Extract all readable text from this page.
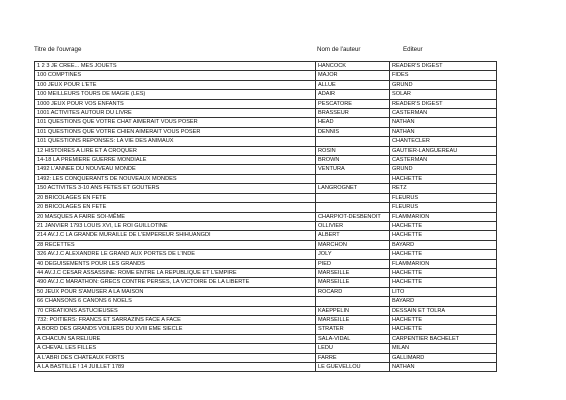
Titre de l'ouvrage	Nom de l'auteur	Editeur
1 2 3 JE CREE... MES JOUETS	HANCOCK	READER'S DIGEST
100 COMPTINES	MAJOR	FIDES
100 JEUX POUR L'ETE	ALLUE	GRUND
100 MEILLEURS TOURS DE MAGIE (LES)	ADAIR	SOLAR
1000 JEUX POUR VOS ENFANTS	PESCATORE	READER'S DIGEST
1001 ACTIVITES AUTOUR DU LIVRE	BRASSEUR	CASTERMAN
101 QUESTIONS QUE VOTRE CHAT AIMERAIT VOUS POSER	HEAD	NATHAN
101 QUESTIONS QUE VOTRE CHIEN AIMERAIT VOUS POSER	DENNIS	NATHAN
101 QUESTIONS REPONSES: LA VIE DES ANIMAUX		CHANTECLER
12 HISTOIRES A LIRE ET A CROQUER	ROSIN	GAUTIER-LANGUEREAU
14-18 LA PREMIERE GUERRE MONDIALE	BROWN	CASTERMAN
1492 L'ANNEE DU NOUVEAU MONDE	VENTURA	GRUND
1492: LES CONQUERANTS DE NOUVEAUX MONDES		HACHETTE
150 ACTIVITES 3-10 ANS FETES ET GOUTERS	LANGROGNET	RETZ
20 BRICOLAGES EN FETE		FLEURUS
20 BRICOLAGES EN FETE		FLEURUS
20 MASQUES A FAIRE SOI-MÊME	CHARPIOT-DESBENOIT	FLAMMARION
21 JANVIER 1793 LOUIS XVI, LE ROI GUILLOTINE	OLLIVIER	HACHETTE
214 AV.J.C LA GRANDE MURAILLE DE L'EMPEREUR SHIHUANGDI	ALBERT	HACHETTE
28 RECETTES	MARCHON	BAYARD
326 AV.J.C ALEXANDRE LE GRAND AUX PORTES DE L'INDE	JOLY	HACHETTE
40 DEGUISEMENTS POUR LES GRANDS	PIED	FLAMMARION
44 AV.J.C CESAR ASSASSINE: ROME ENTRE LA REPUBLIQUE ET L'EMPIRE	MARSEILLE	HACHETTE
490 AV.J.C MARATHON: GRECS CONTRE PERSES, LA VICTOIRE DE LA LIBERTE	MARSEILLE	HACHETTE
50 JEUX POUR S'AMUSER A LA MAISON	ROCARD	LITO
66 CHANSONS 6 CANONS 6 NOELS		BAYARD
70 CREATIONS ASTUCIEUSES	KAEPPELIN	DESSAIN ET TOLRA
732: POITIERS: FRANCS ET SARRAZINS FACE A FACE	MARSEILLE	HACHETTE
A BORD DES GRANDS VOILIERS DU XVIII EME SIECLE	STRATER	HACHETTE
A CHACUN SA RELIURE	SALA-VIDAL	CARPENTIER BACHELET
A CHEVAL LES FILLES	LEDU	MILAN
A L'ABRI DES CHATEAUX FORTS	FARRE	GALLIMARD
A LA BASTILLE ! 14 JUILLET 1789	LE GUEVELLOU	NATHAN
